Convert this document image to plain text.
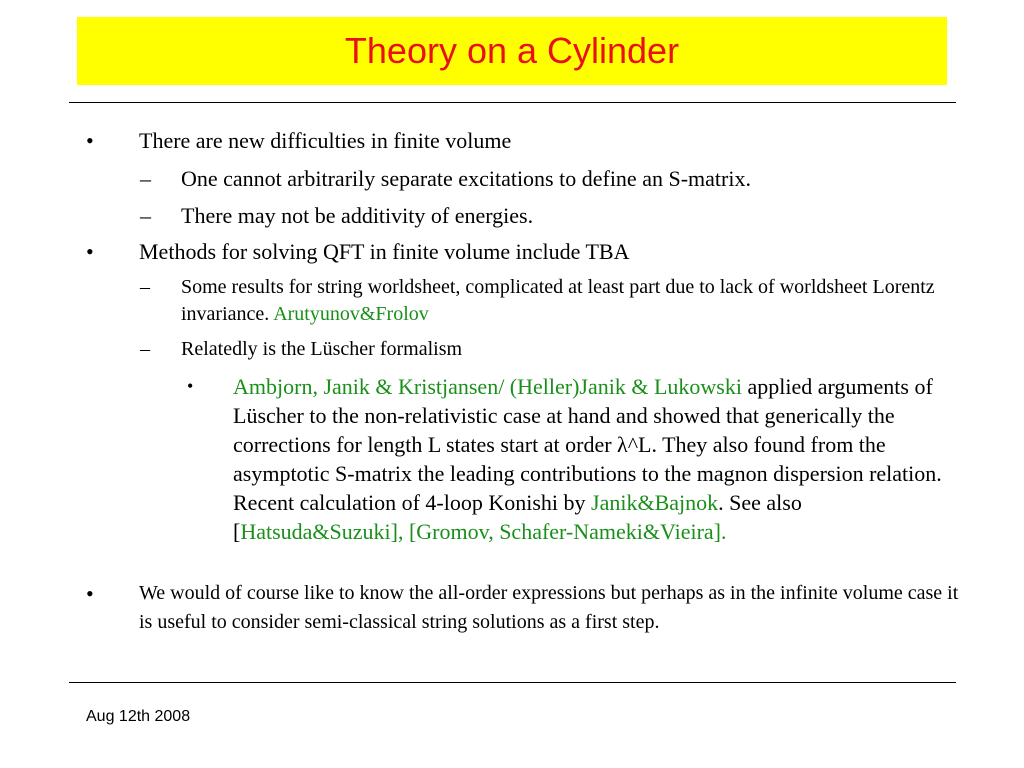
Theory on a Cylinder
•	There are new difficulties in finite volume
–	One cannot arbitrarily separate excitations to define an S-matrix.
–	There may not be additivity of energies.
•	Methods for solving QFT in finite volume include TBA
–	Some results for string worldsheet, complicated at least part due to lack of worldsheet Lorentz invariance. Arutyunov&Frolov
–	Relatedly is the Lüscher formalism
•	Ambjorn, Janik & Kristjansen/ (Heller)Janik & Lukowski applied arguments of Lüscher to the non-relativistic case at hand and showed that generically the corrections for length L states start at order λ^L. They also found from the asymptotic S-matrix the leading contributions to the magnon dispersion relation. Recent calculation of 4-loop Konishi by Janik&Bajnok. See also [Hatsuda&Suzuki], [Gromov, Schafer-Nameki&Vieira].
•	We would of course like to know the all-order expressions but perhaps as in the infinite volume case it is useful to consider semi-classical string solutions as a first step.
Aug 12th 2008
